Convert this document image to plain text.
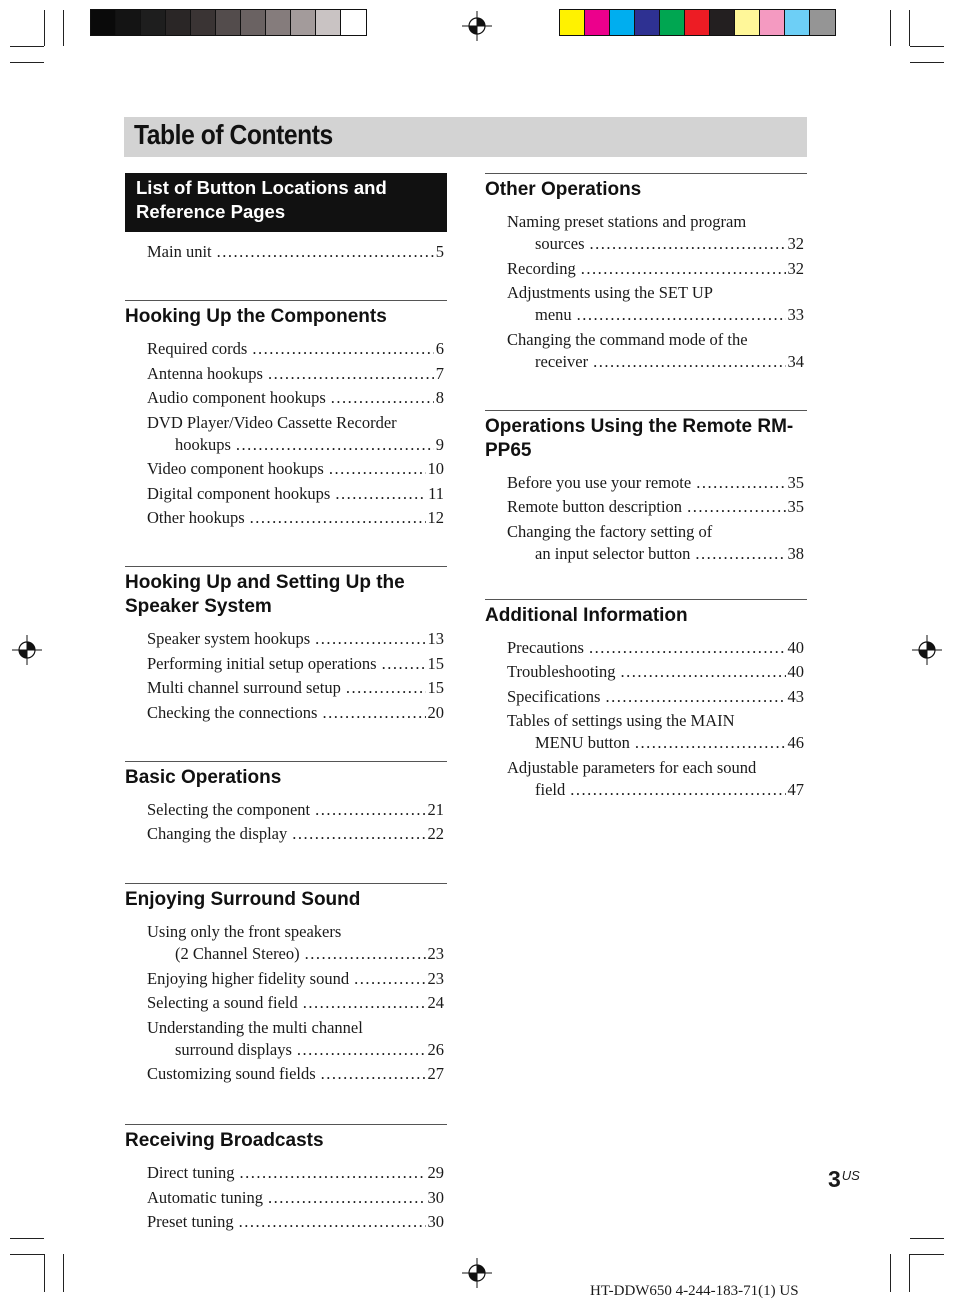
Table of Contents
List of Button Locations and Reference Pages
Main unit .....	5
Hooking Up the Components
Required cords .....	6
Antenna hookups .....	7
Audio component hookups .....	8
DVD Player/Video Cassette Recorder
hookups .....	9
Video component hookups .....	10
Digital component hookups .....	11
Other hookups .....	12
Hooking Up and Setting Up the Speaker System
Speaker system hookups .....	13
Performing initial setup operations .....	15
Multi channel surround setup .....	15
Checking the connections .....	20
Basic Operations
Selecting the component .....	21
Changing the display .....	22
Enjoying Surround Sound
Using only the front speakers
(2 Channel Stereo) .....	23
Enjoying higher fidelity sound .....	23
Selecting a sound field .....	24
Understanding the multi channel
surround displays .....	26
Customizing sound fields .....	27
Receiving Broadcasts
Direct tuning .....	29
Automatic tuning .....	30
Preset tuning .....	30
Other Operations
Naming preset stations and program
sources .....	32
Recording .....	32
Adjustments using the SET UP
menu .....	33
Changing the command mode of the
receiver .....	34
Operations Using the Remote RM-PP65
Before you use your remote .....	35
Remote button description .....	35
Changing the factory setting of
an input selector button .....	38
Additional Information
Precautions .....	40
Troubleshooting .....	40
Specifications .....	43
Tables of settings using the MAIN
MENU button .....	46
Adjustable parameters for each sound
field .....	47
$3^{US}$
HT-DDW650 4-244-183-71(1) US
